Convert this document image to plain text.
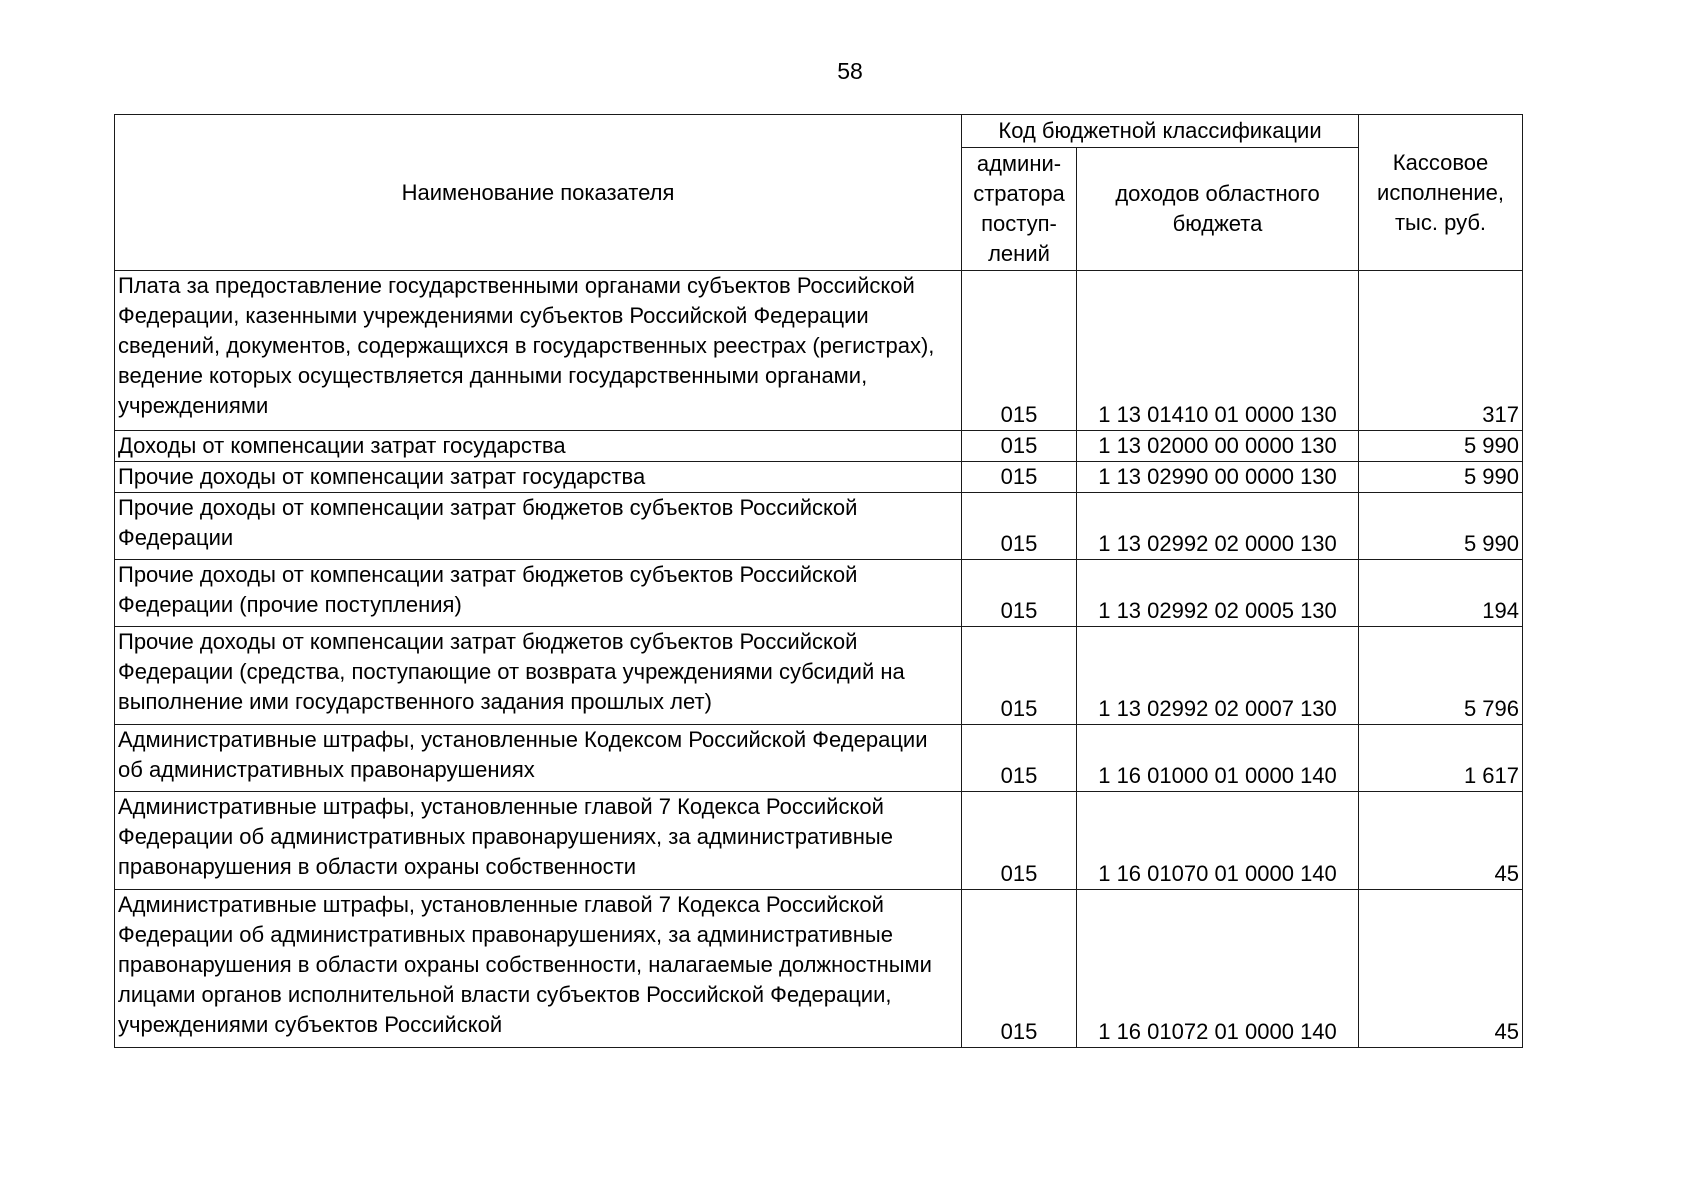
58
Наименование показателя	Код бюджетной классификации		Кассовое исполнение, тыс. руб.
	админи-стратора поступ-лений	доходов областного бюджета	
Плата за предоставление государственными органами субъектов Российской Федерации, казенными учреждениями субъектов Российской Федерации сведений, документов, содержащихся в государственных реестрах (регистрах), ведение которых осуществляется данными государственными органами, учреждениями	015	1 13 01410 01 0000 130	317
Доходы от компенсации затрат государства	015	1 13 02000 00 0000 130	5 990
Прочие доходы от компенсации затрат государства	015	1 13 02990 00 0000 130	5 990
Прочие доходы от компенсации затрат бюджетов субъектов Российской Федерации	015	1 13 02992 02 0000 130	5 990
Прочие доходы от компенсации затрат бюджетов субъектов Российской Федерации (прочие поступления)	015	1 13 02992 02 0005 130	194
Прочие доходы от компенсации затрат бюджетов субъектов Российской Федерации (средства, поступающие от возврата учреждениями субсидий на выполнение ими государственного задания прошлых лет)	015	1 13 02992 02 0007 130	5 796
Административные штрафы, установленные Кодексом Российской Федерации об административных правонарушениях	015	1 16 01000 01 0000 140	1 617
Административные штрафы, установленные главой 7 Кодекса Российской Федерации об административных правонарушениях, за административные правонарушения в области охраны собственности	015	1 16 01070 01 0000 140	45
Административные штрафы, установленные главой 7 Кодекса Российской Федерации об административных правонарушениях, за административные правонарушения в области охраны собственности, налагаемые должностными лицами органов исполнительной власти субъектов Российской Федерации, учреждениями субъектов Российской	015	1 16 01072 01 0000 140	45
